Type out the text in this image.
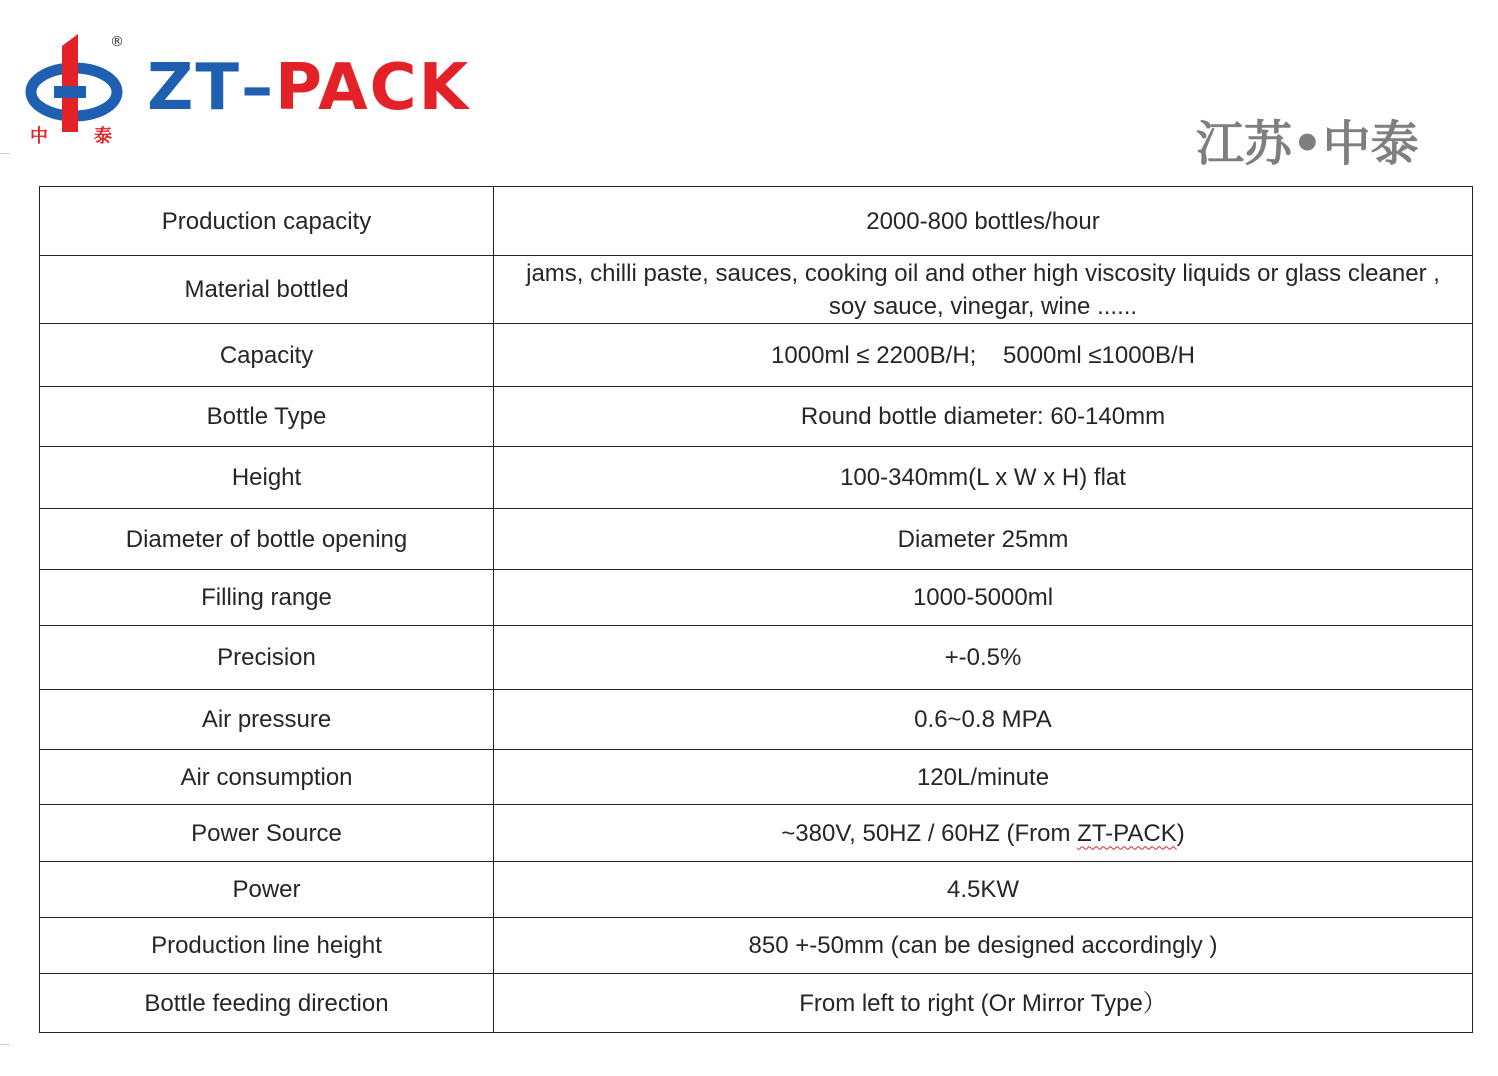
®
中	泰
ZT–PACK
江苏•中泰
Production capacity	2000-800 bottles/hour
Material bottled	jams, chilli paste, sauces, cooking oil and other high viscosity liquids or glass cleaner , soy sauce, vinegar, wine ......
Capacity	1000ml ≤ 2200B/H;    5000ml ≤1000B/H
Bottle Type	Round bottle diameter: 60-140mm
Height	100-340mm(L x W x H) flat
Diameter of bottle opening	Diameter 25mm
Filling range	1000-5000ml
Precision	+-0.5%
Air pressure	0.6~0.8 MPA
Air consumption	120L/minute
Power Source	~380V, 50HZ / 60HZ (From ZT-PACK)
Power	4.5KW
Production line height	850 +-50mm (can be designed accordingly )
Bottle feeding direction	From left to right (Or Mirror Type）
